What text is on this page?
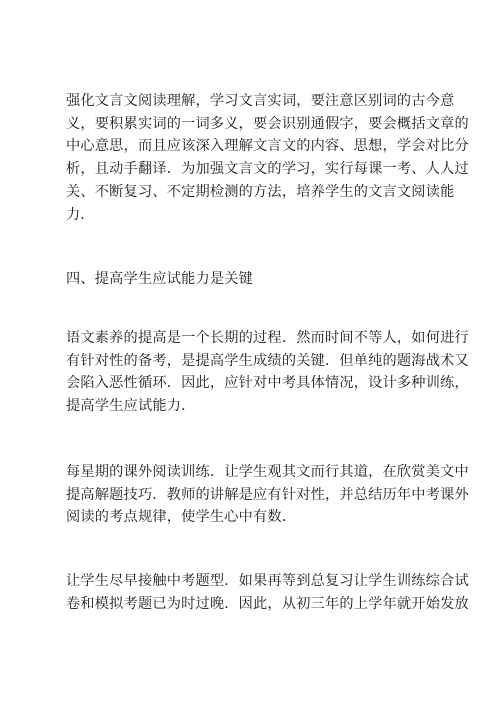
强化文言文阅读理解，学习文言实词，要注意区别词的古今意
义，要积累实词的一词多义，要会识别通假字，要会概括文章的
中心意思，而且应该深入理解文言文的内容、思想，学会对比分
析，且动手翻译．为加强文言文的学习，实行每课一考、人人过
关、不断复习、不定期检测的方法，培养学生的文言文阅读能
力．
四、提高学生应试能力是关键
语文素养的提高是一个长期的过程．然而时间不等人，如何进行
有针对性的备考，是提高学生成绩的关键．但单纯的题海战术又
会陷入恶性循环．因此，应针对中考具体情况，设计多种训练，
提高学生应试能力．
每星期的课外阅读训练．让学生观其文而行其道，在欣赏美文中
提高解题技巧．教师的讲解是应有针对性，并总结历年中考课外
阅读的考点规律，使学生心中有数．
让学生尽早接触中考题型．如果再等到总复习让学生训练综合试
卷和模拟考题已为时过晚．因此，从初三年的上学年就开始发放
